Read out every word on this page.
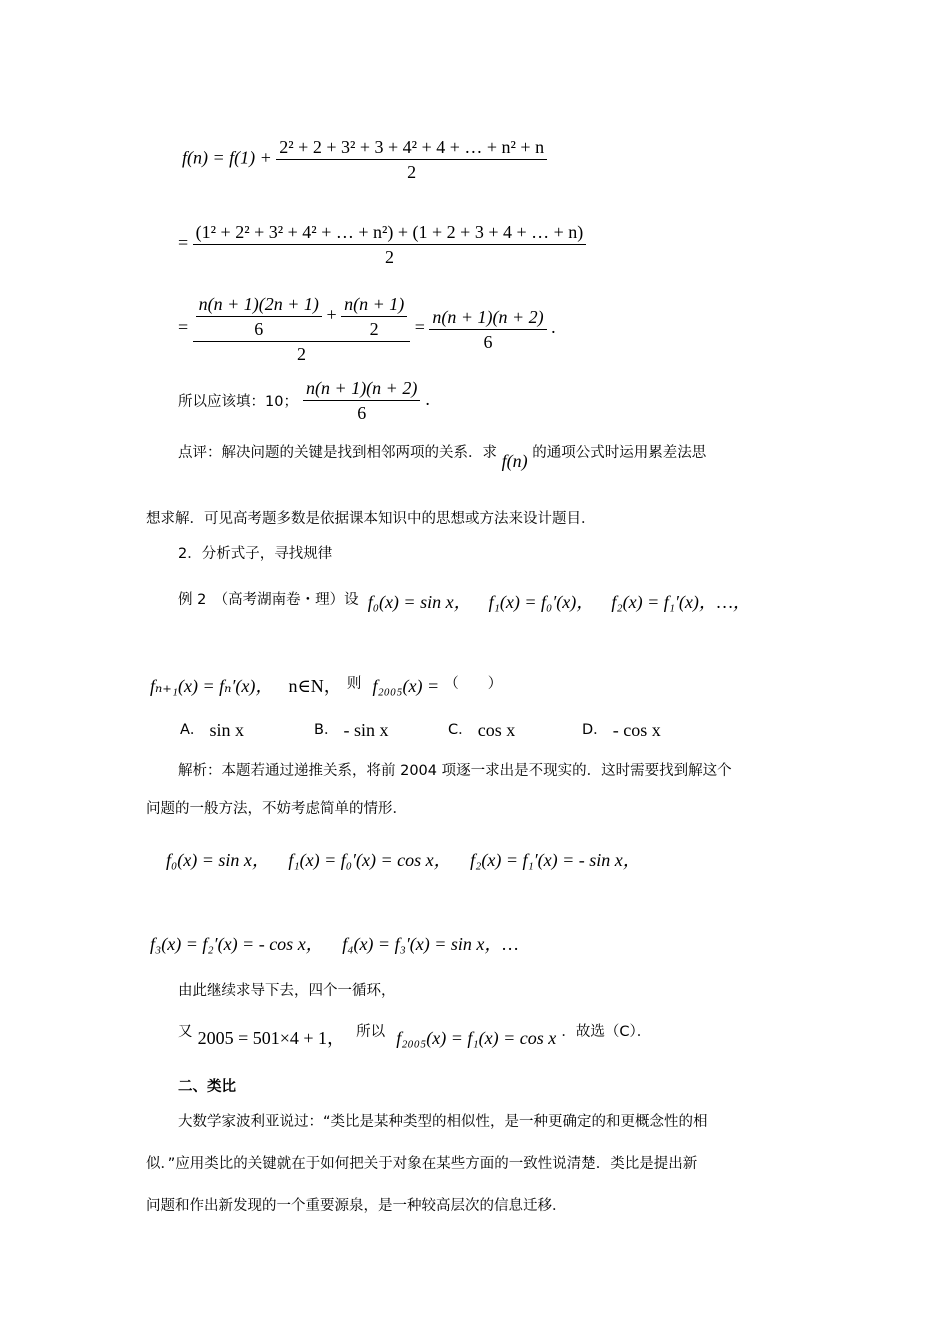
$f(n) = f(1) + \frac{\text{2² + 2 + 3² + 3 + 4² + 4 + … + n² + n}}{2}$
= $\frac{\text{(1² + 2² + 3² + 4² + … + n²) + (1 + 2 + 3 + 4 + … + n)}}{2}$
= $\frac{n(n + 1)(2n + 1)}{6} + \frac{n(n + 1)}{2}$
2
= $\frac{n(n + 1)(n + 2)}{6}$ .
所以应该填：10； $\frac{n(n + 1)(n + 2)}{6}$ .
点评：解决问题的关键是找到相邻两项的关系．求 f(n) 的通项公式时运用累差法思
想求解．可见高考题多数是依据课本知识中的思想或方法来设计题目．
2．分析式子，寻找规律
例 2　（高考湖南卷・理）设 f₀(x) = sin x， f₁(x) = f₀′(x)， f₂(x) = f₁′(x)，…，
fₙ₊₁(x) = fₙ′(x)， n∈N， 则 f₂₀₀₅(x) = （　　）
A． sin x	B． - sin x	C． cos x	D． - cos x
解析：本题若通过递推关系，将前 2004 项逐一求出是不现实的．这时需要找到解这个
问题的一般方法，不妨考虑简单的情形．
f₀(x) = sin x， f₁(x) = f₀′(x) = cos x， f₂(x) = f₁′(x) = - sin x，
f₃(x) = f₂′(x) = - cos x， f₄(x) = f₃′(x) = sin x，…
由此继续求导下去，四个一循环，
又 2005 = 501×4 + 1， 所以 f₂₀₀₅(x) = f₁(x) = cos x ．故选（C）．
二、类比
大数学家波利亚说过：“类比是某种类型的相似性，是一种更确定的和更概念性的相
似．”应用类比的关键就在于如何把关于对象在某些方面的一致性说清楚．类比是提出新
问题和作出新发现的一个重要源泉，是一种较高层次的信息迁移．
